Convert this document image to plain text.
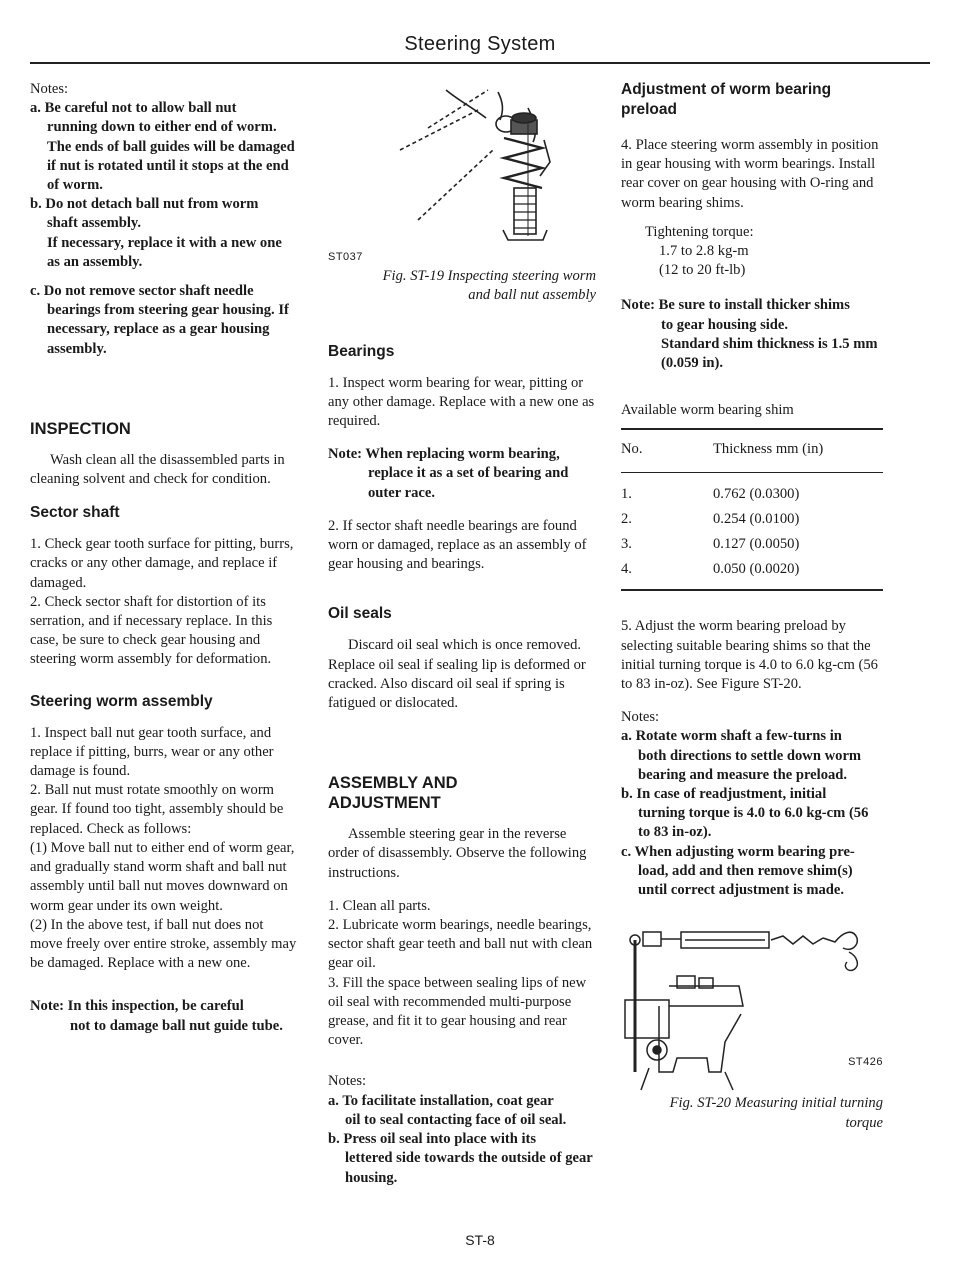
Steering System

Notes:

a. Be careful not to allow ball nut
running down to either end of worm. The ends of ball guides will be damaged if nut is rotated until it stops at the end of worm.
b. Do not detach ball nut from worm
shaft assembly.
If necessary, replace it with a new one as an assembly.
c. Do not remove sector shaft needle
bearings from steering gear housing. If necessary, replace as a gear housing assembly.
INSPECTION

Wash clean all the disassembled parts in cleaning solvent and check for condition.

Sector shaft

1. Check gear tooth surface for pitting, burrs, cracks or any other damage, and replace if damaged.

2. Check sector shaft for distortion of its serration, and if necessary replace. In this case, be sure to check gear housing and steering worm assembly for deformation.

Steering worm assembly

1. Inspect ball nut gear tooth surface, and replace if pitting, burrs, wear or any other damage is found.

2. Ball nut must rotate smoothly on worm gear. If found too tight, assembly should be replaced. Check as follows:

(1) Move ball nut to either end of worm gear, and gradually stand worm shaft and ball nut assembly until ball nut moves downward on worm gear under its own weight.

(2) In the above test, if ball nut does not move freely over entire stroke, assembly may be damaged. Replace with a new one.

Note: In this inspection, be careful
not to damage ball nut guide tube.
ST037

Fig. ST-19 Inspecting steering worm

and ball nut assembly

Bearings

1. Inspect worm bearing for wear, pitting or any other damage. Replace with a new one as required.

Note: When replacing worm bearing,
replace it as a set of bearing and outer race.

2. If sector shaft needle bearings are found worn or damaged, replace as an assembly of gear housing and bearings.

Oil seals

Discard oil seal which is once removed. Replace oil seal if sealing lip is deformed or cracked. Also discard oil seal if spring is fatigued or dislocated.

ASSEMBLY AND
ADJUSTMENT

Assemble steering gear in the reverse order of disassembly. Observe the following instructions.

1. Clean all parts.

2. Lubricate worm bearings, needle bearings, sector shaft gear teeth and ball nut with clean gear oil.

3. Fill the space between sealing lips of new oil seal with recommended multi-purpose grease, and fit it to gear housing and rear cover.

Notes:

a. To facilitate installation, coat gear
oil to seal contacting face of oil seal.
b. Press oil seal into place with its
lettered side towards the outside of gear housing.
Adjustment of worm bearing
preload

4. Place steering worm assembly in position in gear housing with worm bearings. Install rear cover on gear housing with O-ring and worm bearing shims.

Tightening torque:
1.7 to 2.8 kg-m
(12 to 20 ft-lb)
Note: Be sure to install thicker shims
to gear housing side.
Standard shim thickness is 1.5 mm (0.059 in).

Available worm bearing shim

No.	Thickness mm (in)
1.	0.762 (0.0300)
2.	0.254 (0.0100)
3.	0.127 (0.0050)
4.	0.050 (0.0020)

5. Adjust the worm bearing preload by selecting suitable bearing shims so that the initial turning torque is 4.0 to 6.0 kg-cm (56 to 83 in-oz). See Figure ST-20.

Notes:

a. Rotate worm shaft a few-turns in
both directions to settle down worm bearing and measure the preload.
b. In case of readjustment, initial
turning torque is 4.0 to 6.0 kg-cm (56 to 83 in-oz).
c. When adjusting worm bearing pre-
load, add and then remove shim(s) until correct adjustment is made.
ST426

Fig. ST-20 Measuring initial turning

torque

ST-8
